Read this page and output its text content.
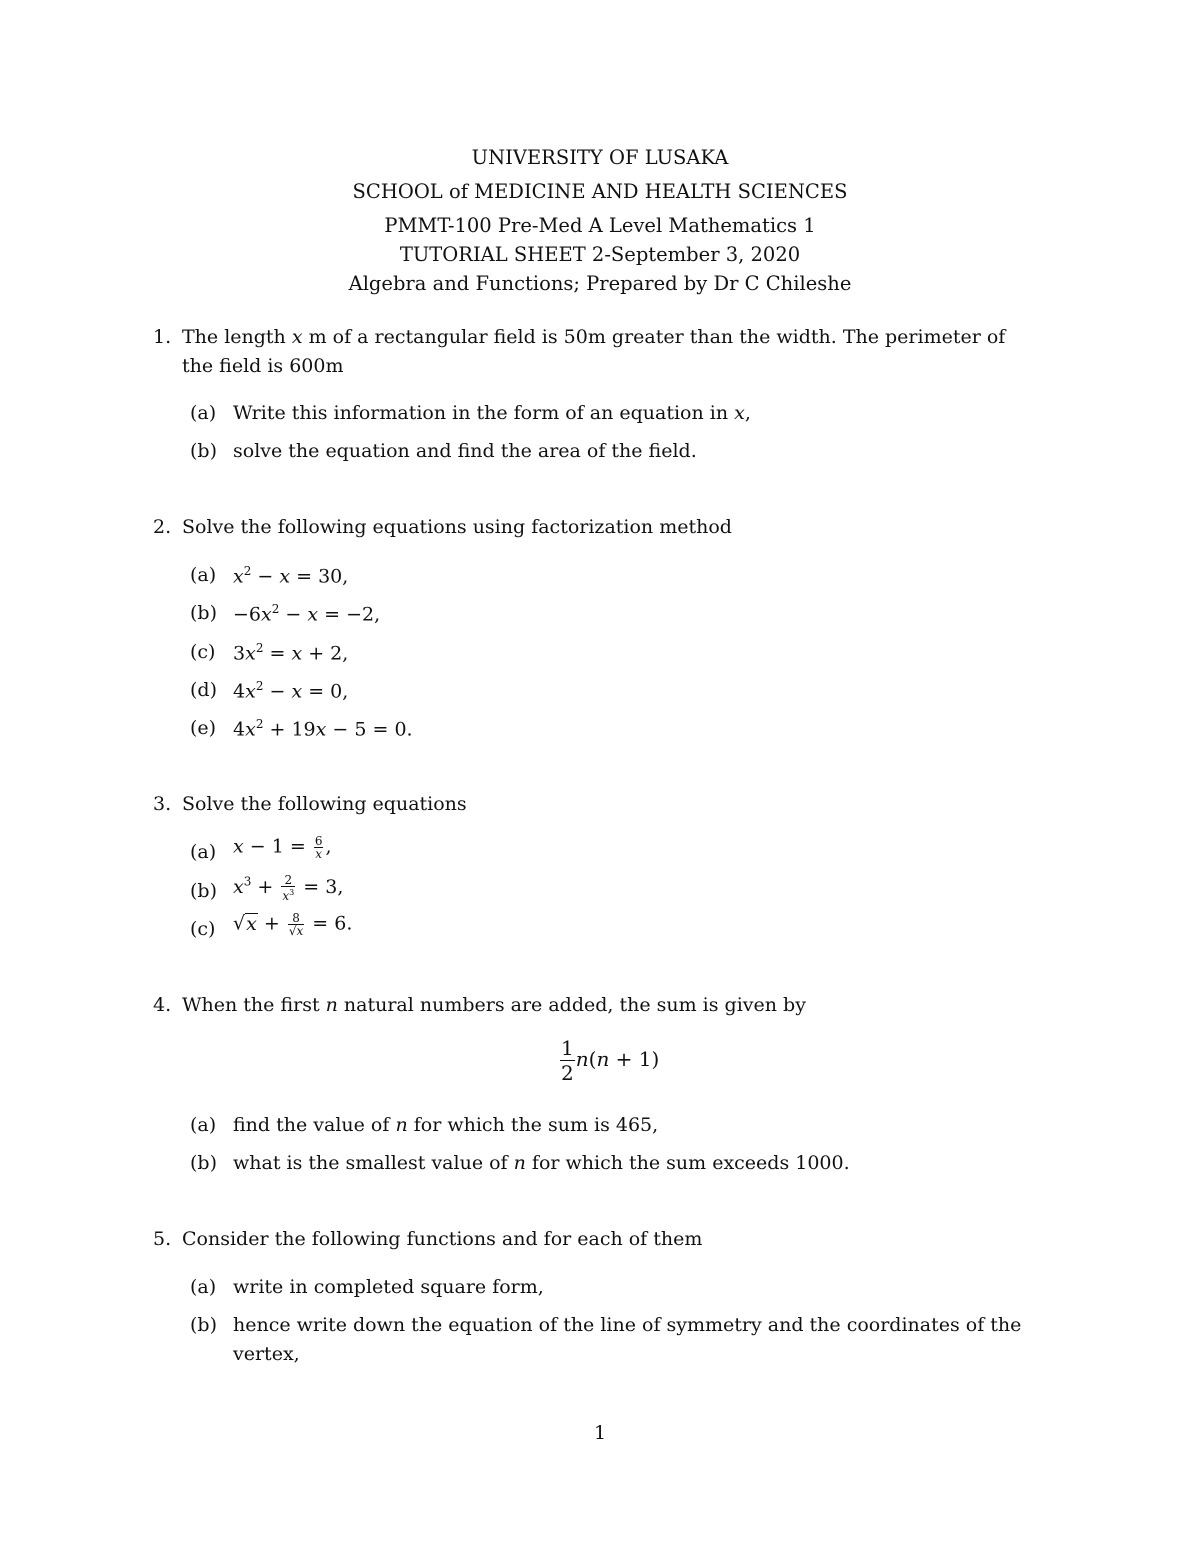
UNIVERSITY OF LUSAKA
SCHOOL of MEDICINE AND HEALTH SCIENCES
PMMT-100 Pre-Med A Level Mathematics 1
TUTORIAL SHEET 2-September 3, 2020
Algebra and Functions; Prepared by Dr C Chileshe
1. The length x m of a rectangular field is 50m greater than the width. The perimeter of
the field is 600m
(a) Write this information in the form of an equation in x,
(b) solve the equation and find the area of the field.
2. Solve the following equations using factorization method
(a) $x^2 - x = 30$,
$(b) -6x^2 - x = -2$,
(c) $3x^2 = x + 2$,
(d) $4x^2 - x = 0$,
(e) $4x^2 + 19x - 5 = 0$.
3. Solve the following equations
(a) $x - 1 = \frac{6}{x}$ ,
(b) $x^3 + \frac{2}{x^3} = 3$,
(c) $√x + \frac{8}{√x} = 6$.
4. When the first n natural numbers are added, the sum is given by
$\frac{1}{2} n(n + 1)$
(a) find the value of n for which the sum is 465,
(b) what is the smallest value of n for which the sum exceeds 1000.
5. Consider the following functions and for each of them
(a) write in completed square form,
(b) hence write down the equation of the line of symmetry and the coordinates of the
vertex,
1
